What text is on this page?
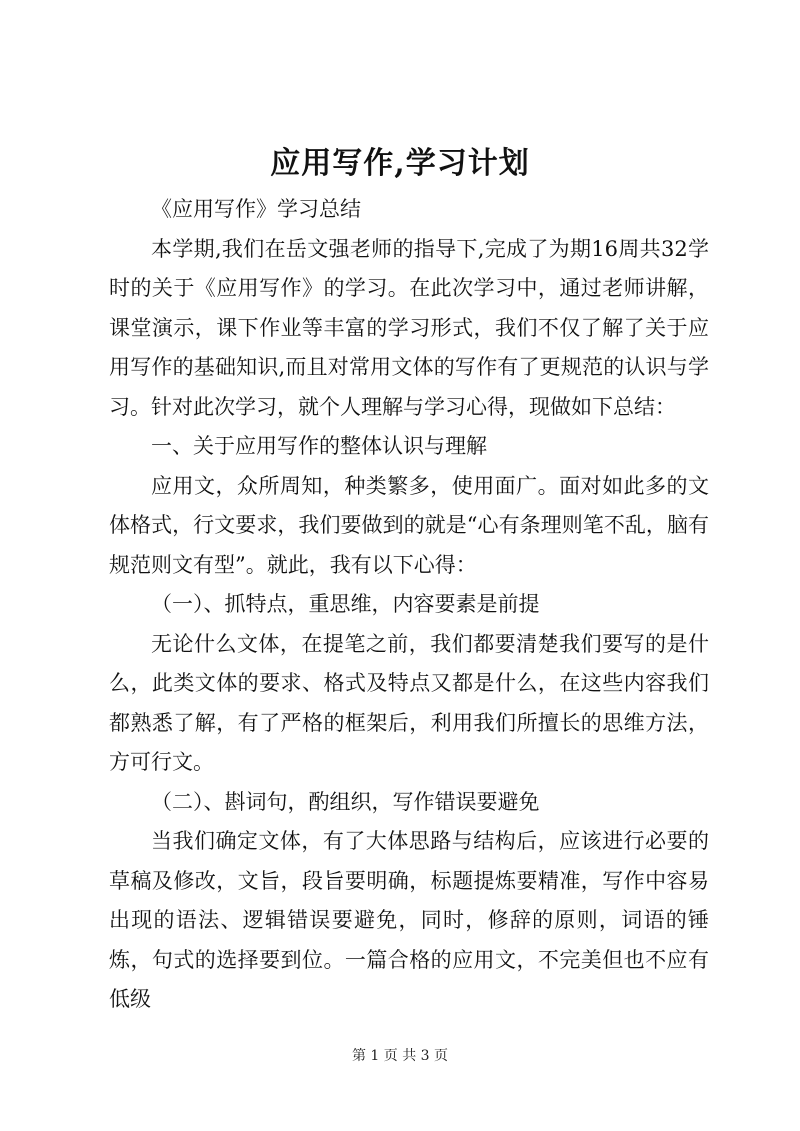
应用写作,学习计划

《应用写作》学习总结

本学期,我们在岳文强老师的指导下,完成了为期16周共32学时的关于《应用写作》的学习。在此次学习中，通过老师讲解，课堂演示，课下作业等丰富的学习形式，我们不仅了解了关于应用写作的基础知识,而且对常用文体的写作有了更规范的认识与学习。针对此次学习，就个人理解与学习心得，现做如下总结：

一、关于应用写作的整体认识与理解

应用文，众所周知，种类繁多，使用面广。面对如此多的文体格式，行文要求，我们要做到的就是“心有条理则笔不乱，脑有规范则文有型”。就此，我有以下心得：

（一）、抓特点，重思维，内容要素是前提

无论什么文体，在提笔之前，我们都要清楚我们要写的是什么，此类文体的要求、格式及特点又都是什么，在这些内容我们都熟悉了解，有了严格的框架后，利用我们所擅长的思维方法，方可行文。

（二）、斟词句，酌组织，写作错误要避免

当我们确定文体，有了大体思路与结构后，应该进行必要的草稿及修改，文旨，段旨要明确，标题提炼要精准，写作中容易出现的语法、逻辑错误要避免，同时，修辞的原则，词语的锤炼，句式的选择要到位。一篇合格的应用文，不完美但也不应有低级

第 1 页 共 3 页
